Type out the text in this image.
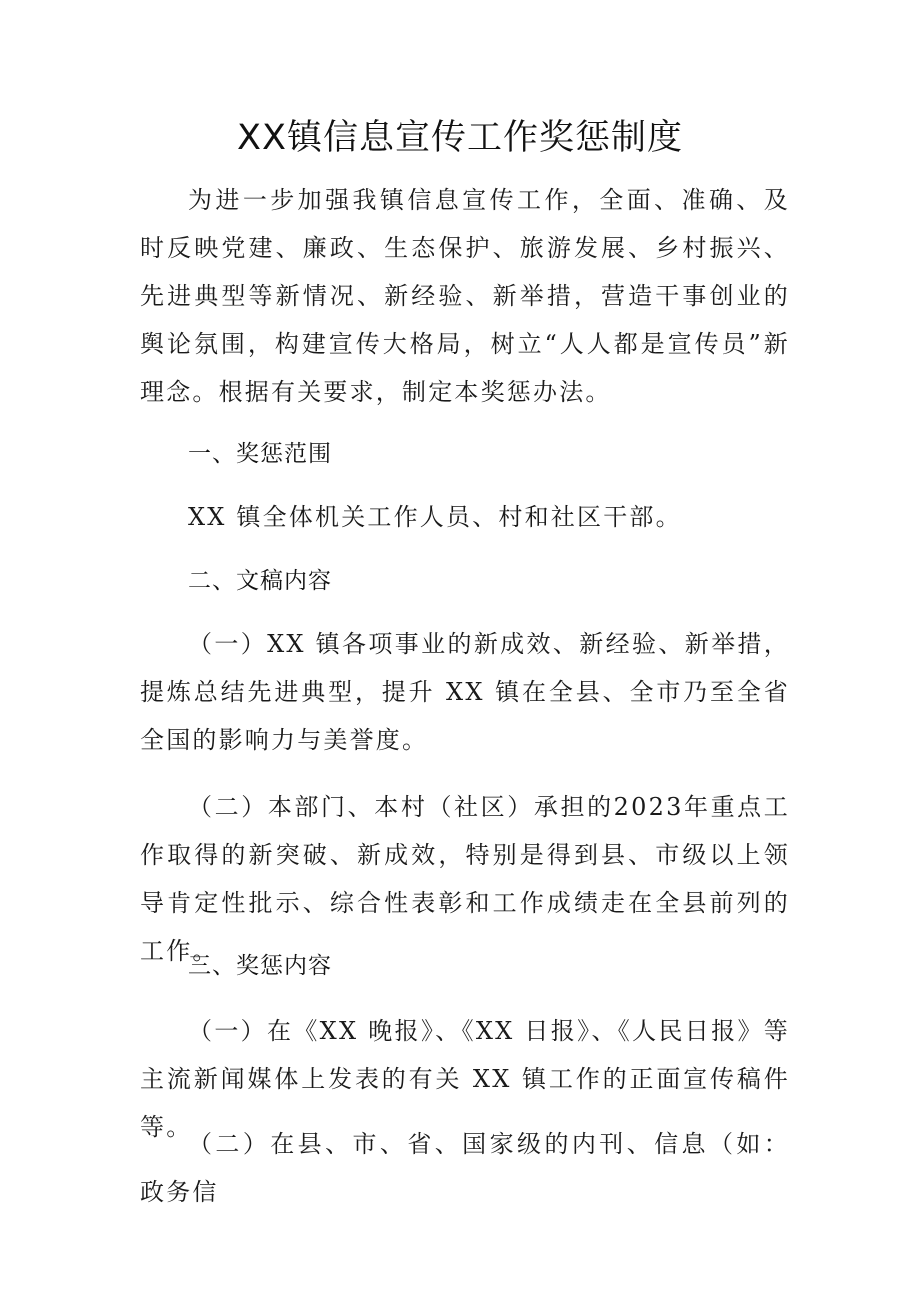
XX镇信息宣传工作奖惩制度

为进一步加强我镇信息宣传工作，全面、准确、及时反映党建、廉政、生态保护、旅游发展、乡村振兴、先进典型等新情况、新经验、新举措，营造干事创业的舆论氛围，构建宣传大格局，树立“人人都是宣传员”新理念。根据有关要求，制定本奖惩办法。

一、奖惩范围

XX 镇全体机关工作人员、村和社区干部。

二、文稿内容

（一）XX 镇各项事业的新成效、新经验、新举措，提炼总结先进典型，提升 XX 镇在全县、全市乃至全省全国的影响力与美誉度。

（二）本部门、本村（社区）承担的2023年重点工作取得的新突破、新成效，特别是得到县、市级以上领导肯定性批示、综合性表彰和工作成绩走在全县前列的工作。

三、奖惩内容

（一）在《XX 晚报》、《XX 日报》、《人民日报》等主流新闻媒体上发表的有关 XX 镇工作的正面宣传稿件等。

（二）在县、市、省、国家级的内刊、信息（如：政务信
